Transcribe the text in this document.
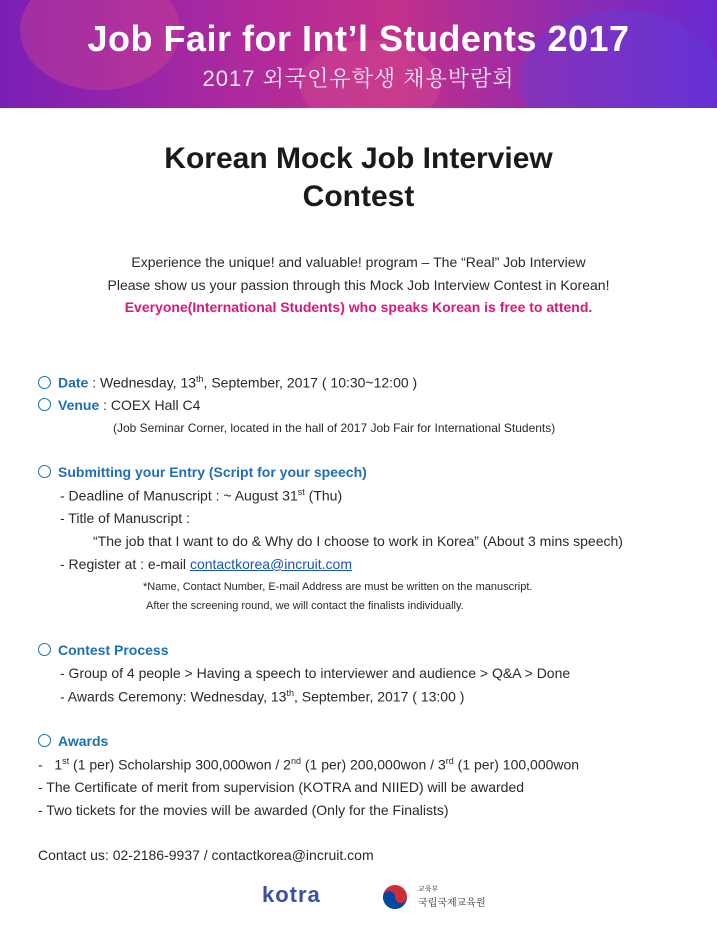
Job Fair for Int’l Students 2017
2017 외국인유학생 채용박람회
Korean Mock Job Interview
Contest
Experience the unique! and valuable! program – The “Real” Job Interview
Please show us your passion through this Mock Job Interview Contest in Korean!
Everyone(International Students) who speaks Korean is free to attend.
Date : Wednesday, 13th, September, 2017 ( 10:30~12:00 )
Venue : COEX Hall C4
(Job Seminar Corner, located in the hall of 2017 Job Fair for International Students)
Submitting your Entry (Script for your speech)
- Deadline of Manuscript : ~ August 31st (Thu)
- Title of Manuscript :
“The job that I want to do & Why do I choose to work in Korea” (About 3 mins speech)
- Register at : e-mail contactkorea@incruit.com
*Name, Contact Number, E-mail Address are must be written on the manuscript.
After the screening round, we will contact the finalists individually.
Contest Process
- Group of 4 people > Having a speech to interviewer and audience > Q&A > Done
- Awards Ceremony: Wednesday, 13th, September, 2017 ( 13:00 )
Awards
- 1st (1 per) Scholarship 300,000won / 2nd (1 per) 200,000won / 3rd (1 per) 100,000won
- The Certificate of merit from supervision (KOTRA and NIIED) will be awarded
- Two tickets for the movies will be awarded (Only for the Finalists)
Contact us: 02-2186-9937 / contactkorea@incruit.com
kotra	교육부
국립국제교육원
